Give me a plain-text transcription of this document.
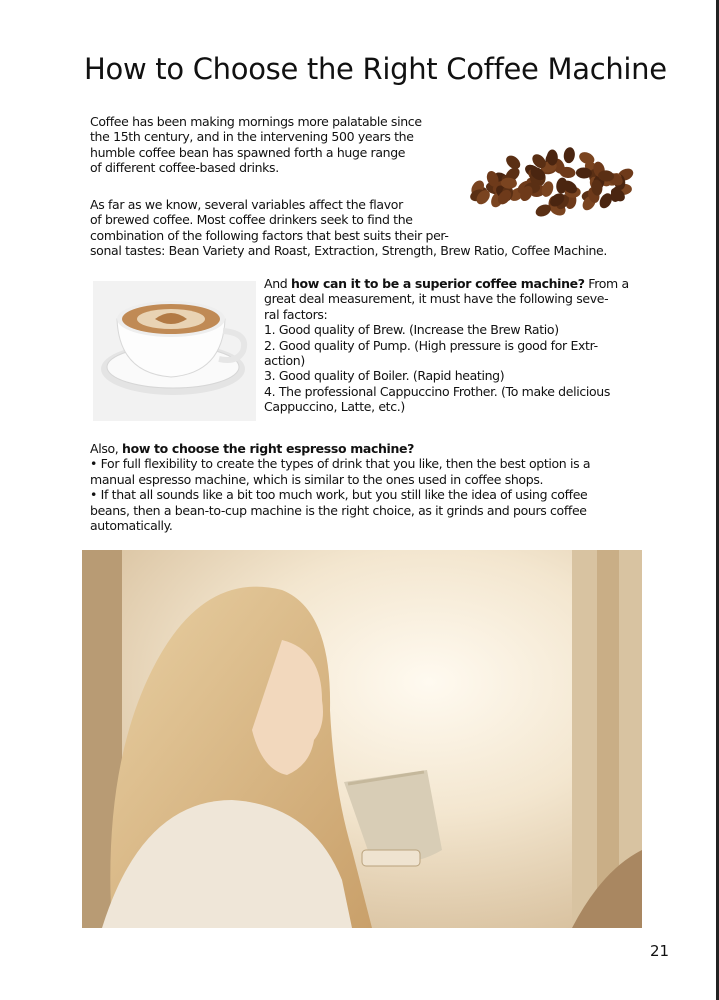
How to Choose the Right Coffee Machine
Coffee has been making mornings more palatable since
the 15th century, and in the intervening 500 years the
humble coffee bean has spawned forth a huge range
of different coffee-based drinks.
As far as we know, several variables affect the flavor
of brewed coffee. Most coffee drinkers seek to find the
combination of the following factors that best suits their per-
sonal tastes: Bean Variety and Roast, Extraction, Strength, Brew Ratio, Coffee Machine.
And how can it to be a superior coffee machine? From a
great deal measurement, it must have the following seve-
ral factors:
1. Good quality of Brew. (Increase the Brew Ratio)
2. Good quality of Pump. (High pressure is good for Extr-
action)
3. Good quality of Boiler. (Rapid heating)
4. The professional Cappuccino Frother. (To make delicious
Cappuccino, Latte, etc.)
Also, how to choose the right espresso machine?
• For full flexibility to create the types of drink that you like, then the best option is a
manual espresso machine, which is similar to the ones used in coffee shops.
• If that all sounds like a bit too much work, but you still like the idea of using coffee
beans, then a bean-to-cup machine is the right choice, as it grinds and pours coffee
automatically.
21
